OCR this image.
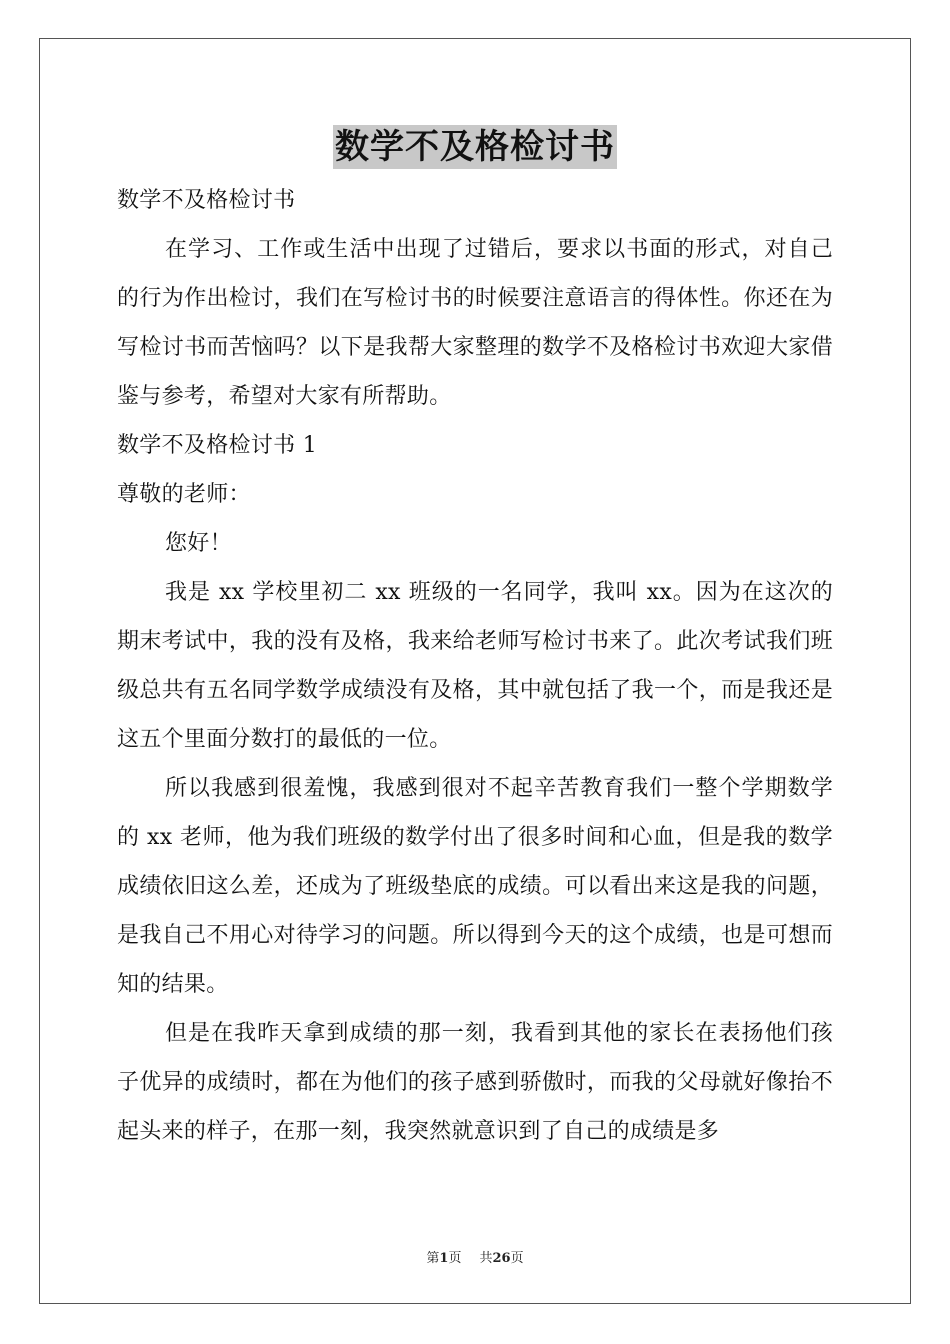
数学不及格检讨书

数学不及格检讨书

在学习、工作或生活中出现了过错后，要求以书面的形式，对自己的行为作出检讨，我们在写检讨书的时候要注意语言的得体性。你还在为写检讨书而苦恼吗？以下是我帮大家整理的数学不及格检讨书欢迎大家借鉴与参考，希望对大家有所帮助。

数学不及格检讨书 1

尊敬的老师：

您好！

我是 xx 学校里初二 xx 班级的一名同学，我叫 xx。因为在这次的期末考试中，我的没有及格，我来给老师写检讨书来了。此次考试我们班级总共有五名同学数学成绩没有及格，其中就包括了我一个，而是我还是这五个里面分数打的最低的一位。

所以我感到很羞愧，我感到很对不起辛苦教育我们一整个学期数学的 xx 老师，他为我们班级的数学付出了很多时间和心血，但是我的数学成绩依旧这么差，还成为了班级垫底的成绩。可以看出来这是我的问题，是我自己不用心对待学习的问题。所以得到今天的这个成绩，也是可想而知的结果。

但是在我昨天拿到成绩的那一刻，我看到其他的家长在表扬他们孩子优异的成绩时，都在为他们的孩子感到骄傲时，而我的父母就好像抬不起头来的样子，在那一刻，我突然就意识到了自己的成绩是多

第1页 共26页
